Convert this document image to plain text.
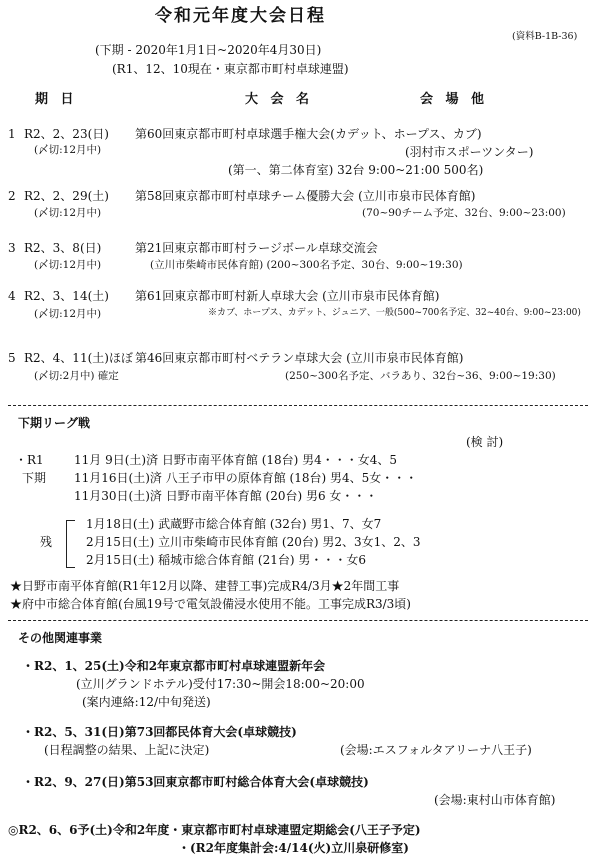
令和元年度大会日程
(資料B-1B-36)
(下期 - 2020年1月1日~2020年4月30日)
(R1、12、10現在・東京都市町村卓球連盟)
期 日	大 会 名	会 場 他
1 R2、2、23(日)
(〆切:12月中)
第60回東京都市町村卓球選手権大会(カデット、ホープス、カブ)
(羽村市スポーツンター)
(第一、第二体育室) 32台 9:00~21:00 500名)
2 R2、2、29(土)
(〆切:12月中)
第58回東京都市町村卓球チーム優勝大会 (立川市泉市民体育館)
(70~90チーム予定、32台、9:00~23:00)
3 R2、3、8(日)
(〆切:12月中)
第21回東京都市町村ラージボール卓球交流会
(立川市柴崎市民体育館) (200~300名予定、30台、9:00~19:30)
4 R2、3、14(土)
(〆切:12月中)
第61回東京都市町村新人卓球大会 (立川市泉市民体育館)
※カブ、ホープス、カデット、ジュニア、一般(500~700名予定、32~40台、9:00~23:00)
5 R2、4、11(土)ほぼ
(〆切:2月中) 確定
第46回東京都市町村ベテラン卓球大会 (立川市泉市民体育館)
(250~300名予定、バラあり、32台~36、9:00~19:30)
下期リーグ戦
(検 討)
・R1
下期
11月 9日(土)済 日野市南平体育館 (18台) 男4・・・女4、5
11月16日(土)済 八王子市甲の原体育館 (18台) 男4、5女・・・
11月30日(土)済 日野市南平体育館 (20台) 男6 女・・・
残
1月18日(土) 武蔵野市総合体育館 (32台) 男1、7、女7
2月15日(土) 立川市柴崎市民体育館 (20台) 男2、3女1、2、3
2月15日(土) 稲城市総合体育館 (21台) 男・・・女6
★日野市南平体育館(R1年12月以降、建替工事)完成R4/3月★2年間工事
★府中市総合体育館(台風19号で電気設備浸水使用不能。工事完成R3/3頃)
その他関連事業
・R2、1、25(土)令和2年東京都市町村卓球連盟新年会
(立川グランドホテル)受付17:30~開会18:00~20:00
(案内連絡:12/中旬発送)
・R2、5、31(日)第73回都民体育大会(卓球競技)
(日程調整の結果、上記に決定)	(会場:エスフォルタアリーナ八王子)
・R2、9、27(日)第53回東京都市町村総合体育大会(卓球競技)
(会場:東村山市体育館)
◎R2、6、6予(土)令和2年度・東京都市町村卓球連盟定期総会(八王子予定)
・(R2年度集計会:4/14(火)立川泉研修室)
